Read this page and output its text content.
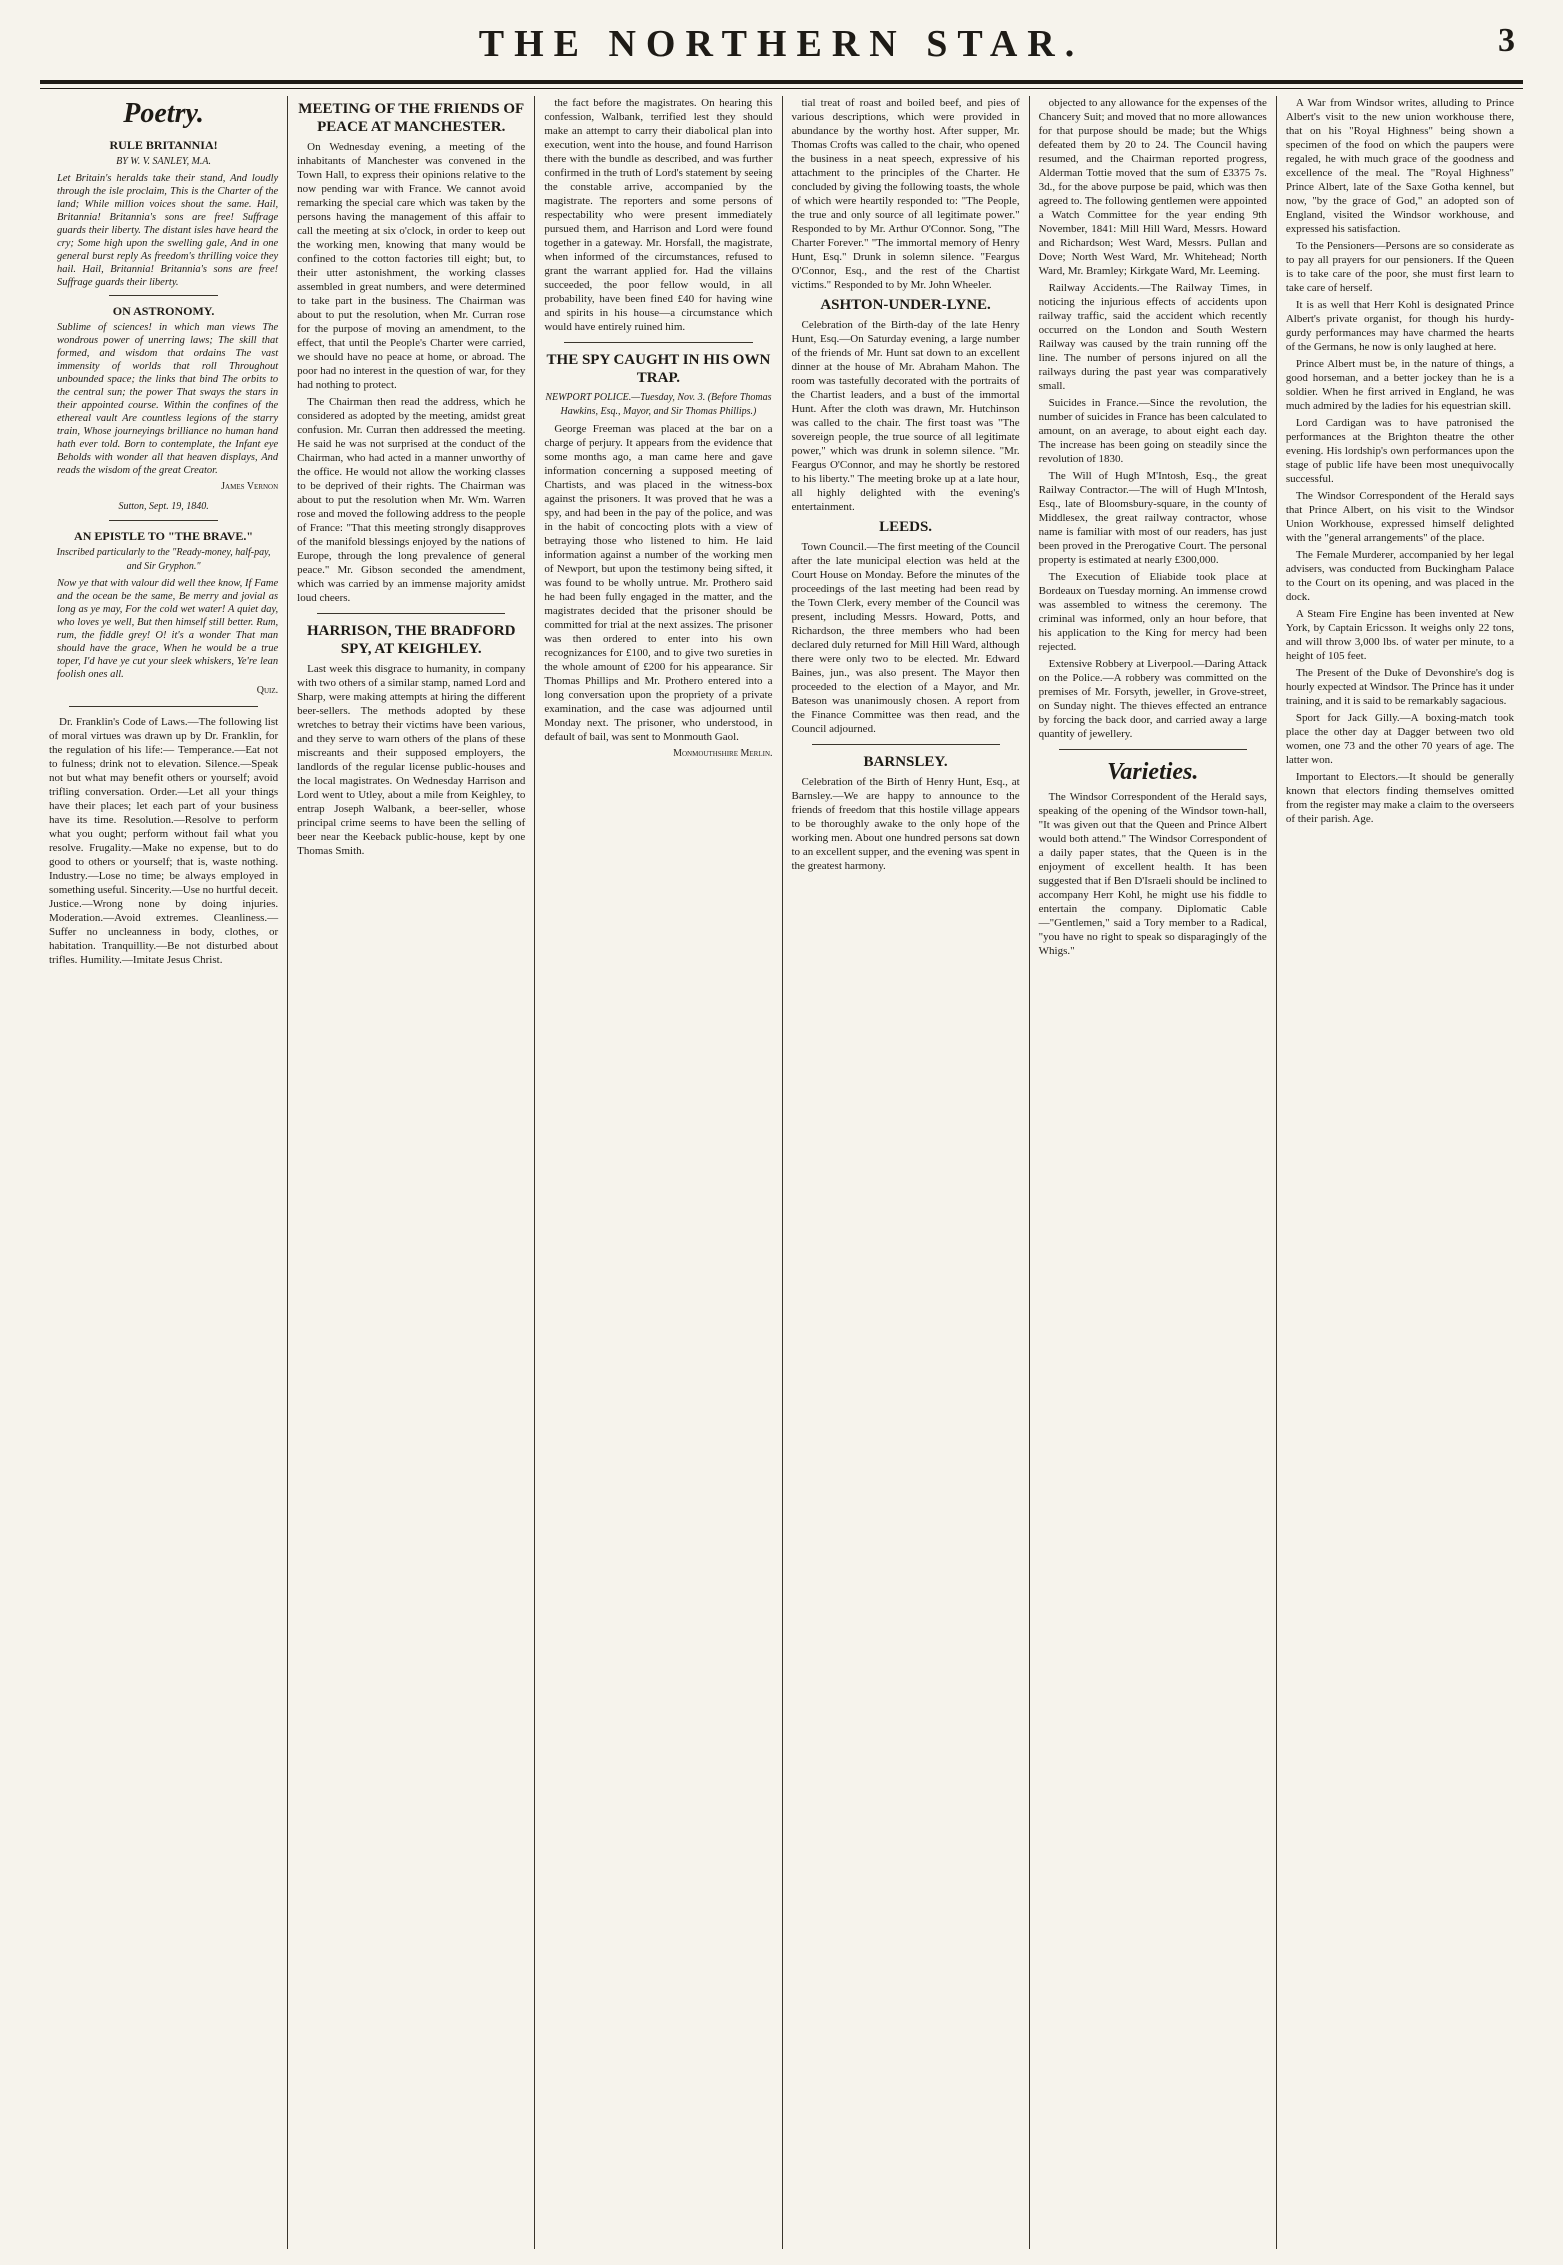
THE NORTHERN STAR.	3
Poetry.
RULE BRITANNIA!

BY W. V. SANLEY, M.A.

Let Britain's heralds take their stand, And loudly through the isle proclaim, This is the Charter of the land; While million voices shout the same. Hail, Britannia! Britannia's sons are free! Suffrage guards their liberty. The distant isles have heard the cry; Some high upon the swelling gale, And in one general burst reply As freedom's thrilling voice they hail. Hail, Britannia! Britannia's sons are free! Suffrage guards their liberty.

ON ASTRONOMY.

Sublime of sciences! in which man views The wondrous power of unerring laws; The skill that formed, and wisdom that ordains The vast immensity of worlds that roll Throughout unbounded space; the links that bind The orbits to the central sun; the power That sways the stars in their appointed course. Within the confines of the ethereal vault Are countless legions of the starry train, Whose journeyings brilliance no human hand hath ever told. Born to contemplate, the Infant eye Beholds with wonder all that heaven displays, And reads the wisdom of the great Creator.

James Vernon

Sutton, Sept. 19, 1840.

AN EPISTLE TO "THE BRAVE."

Inscribed particularly to the "Ready-money, half-pay, and Sir Gryphon."

Now ye that with valour did well thee know, If Fame and the ocean be the same, Be merry and jovial as long as ye may, For the cold wet water! A quiet day, who loves ye well, But then himself still better. Rum, rum, the fiddle grey! O! it's a wonder That man should have the grace, When he would be a true toper, I'd have ye cut your sleek whiskers, Ye're lean foolish ones all.

Quiz.

Dr. Franklin's Code of Laws.—The following list of moral virtues was drawn up by Dr. Franklin, for the regulation of his life:— Temperance.—Eat not to fulness; drink not to elevation. Silence.—Speak not but what may benefit others or yourself; avoid trifling conversation. Order.—Let all your things have their places; let each part of your business have its time. Resolution.—Resolve to perform what you ought; perform without fail what you resolve. Frugality.—Make no expense, but to do good to others or yourself; that is, waste nothing. Industry.—Lose no time; be always employed in something useful. Sincerity.—Use no hurtful deceit. Justice.—Wrong none by doing injuries. Moderation.—Avoid extremes. Cleanliness.—Suffer no uncleanness in body, clothes, or habitation. Tranquillity.—Be not disturbed about trifles. Humility.—Imitate Jesus Christ.

MEETING OF THE FRIENDS OF PEACE AT MANCHESTER.

On Wednesday evening, a meeting of the inhabitants of Manchester was convened in the Town Hall, to express their opinions relative to the now pending war with France. We cannot avoid remarking the special care which was taken by the persons having the management of this affair to call the meeting at six o'clock, in order to keep out the working men, knowing that many would be confined to the cotton factories till eight; but, to their utter astonishment, the working classes assembled in great numbers, and were determined to take part in the business. The Chairman was about to put the resolution, when Mr. Curran rose for the purpose of moving an amendment, to the effect, that until the People's Charter were carried, we should have no peace at home, or abroad. The poor had no interest in the question of war, for they had nothing to protect.

The Chairman then read the address, which he considered as adopted by the meeting, amidst great confusion. Mr. Curran then addressed the meeting. He said he was not surprised at the conduct of the Chairman, who had acted in a manner unworthy of the office. He would not allow the working classes to be deprived of their rights. The Chairman was about to put the resolution when Mr. Wm. Warren rose and moved the following address to the people of France: "That this meeting strongly disapproves of the manifold blessings enjoyed by the nations of Europe, through the long prevalence of general peace." Mr. Gibson seconded the amendment, which was carried by an immense majority amidst loud cheers.

HARRISON, THE BRADFORD SPY, AT KEIGHLEY.

Last week this disgrace to humanity, in company with two others of a similar stamp, named Lord and Sharp, were making attempts at hiring the different beer-sellers. The methods adopted by these wretches to betray their victims have been various, and they serve to warn others of the plans of these miscreants and their supposed employers, the landlords of the regular license public-houses and the local magistrates. On Wednesday Harrison and Lord went to Utley, about a mile from Keighley, to entrap Joseph Walbank, a beer-seller, whose principal crime seems to have been the selling of beer near the Keeback public-house, kept by one Thomas Smith.

the fact before the magistrates. On hearing this confession, Walbank, terrified lest they should make an attempt to carry their diabolical plan into execution, went into the house, and found Harrison there with the bundle as described, and was further confirmed in the truth of Lord's statement by seeing the constable arrive, accompanied by the magistrate. The reporters and some persons of respectability who were present immediately pursued them, and Harrison and Lord were found together in a gateway. Mr. Horsfall, the magistrate, when informed of the circumstances, refused to grant the warrant applied for. Had the villains succeeded, the poor fellow would, in all probability, have been fined £40 for having wine and spirits in his house—a circumstance which would have entirely ruined him.

THE SPY CAUGHT IN HIS OWN TRAP.

NEWPORT POLICE.—Tuesday, Nov. 3. (Before Thomas Hawkins, Esq., Mayor, and Sir Thomas Phillips.)

George Freeman was placed at the bar on a charge of perjury. It appears from the evidence that some months ago, a man came here and gave information concerning a supposed meeting of Chartists, and was placed in the witness-box against the prisoners. It was proved that he was a spy, and had been in the pay of the police, and was in the habit of concocting plots with a view of betraying those who listened to him. He laid information against a number of the working men of Newport, but upon the testimony being sifted, it was found to be wholly untrue. Mr. Prothero said he had been fully engaged in the matter, and the magistrates decided that the prisoner should be committed for trial at the next assizes. The prisoner was then ordered to enter into his own recognizances for £100, and to give two sureties in the whole amount of £200 for his appearance. Sir Thomas Phillips and Mr. Prothero entered into a long conversation upon the propriety of a private examination, and the case was adjourned until Monday next. The prisoner, who understood, in default of bail, was sent to Monmouth Gaol.

Monmouthshire Merlin.

tial treat of roast and boiled beef, and pies of various descriptions, which were provided in abundance by the worthy host. After supper, Mr. Thomas Crofts was called to the chair, who opened the business in a neat speech, expressive of his attachment to the principles of the Charter. He concluded by giving the following toasts, the whole of which were heartily responded to: "The People, the true and only source of all legitimate power." Responded to by Mr. Arthur O'Connor. Song, "The Charter Forever." "The immortal memory of Henry Hunt, Esq." Drunk in solemn silence. "Feargus O'Connor, Esq., and the rest of the Chartist victims." Responded to by Mr. John Wheeler.

ASHTON-UNDER-LYNE.

Celebration of the Birth-day of the late Henry Hunt, Esq.—On Saturday evening, a large number of the friends of Mr. Hunt sat down to an excellent dinner at the house of Mr. Abraham Mahon. The room was tastefully decorated with the portraits of the Chartist leaders, and a bust of the immortal Hunt. After the cloth was drawn, Mr. Hutchinson was called to the chair. The first toast was "The sovereign people, the true source of all legitimate power," which was drunk in solemn silence. "Mr. Feargus O'Connor, and may he shortly be restored to his liberty." The meeting broke up at a late hour, all highly delighted with the evening's entertainment.

LEEDS.

Town Council.—The first meeting of the Council after the late municipal election was held at the Court House on Monday. Before the minutes of the proceedings of the last meeting had been read by the Town Clerk, every member of the Council was present, including Messrs. Howard, Potts, and Richardson, the three members who had been declared duly returned for Mill Hill Ward, although there were only two to be elected. Mr. Edward Baines, jun., was also present. The Mayor then proceeded to the election of a Mayor, and Mr. Bateson was unanimously chosen. A report from the Finance Committee was then read, and the Council adjourned.

BARNSLEY.

Celebration of the Birth of Henry Hunt, Esq., at Barnsley.—We are happy to announce to the friends of freedom that this hostile village appears to be thoroughly awake to the only hope of the working men. About one hundred persons sat down to an excellent supper, and the evening was spent in the greatest harmony.

objected to any allowance for the expenses of the Chancery Suit; and moved that no more allowances for that purpose should be made; but the Whigs defeated them by 20 to 24. The Council having resumed, and the Chairman reported progress, Alderman Tottie moved that the sum of £3375 7s. 3d., for the above purpose be paid, which was then agreed to. The following gentlemen were appointed a Watch Committee for the year ending 9th November, 1841: Mill Hill Ward, Messrs. Howard and Richardson; West Ward, Messrs. Pullan and Dove; North West Ward, Mr. Whitehead; North Ward, Mr. Bramley; Kirkgate Ward, Mr. Leeming.

Railway Accidents.—The Railway Times, in noticing the injurious effects of accidents upon railway traffic, said the accident which recently occurred on the London and South Western Railway was caused by the train running off the line. The number of persons injured on all the railways during the past year was comparatively small.

Suicides in France.—Since the revolution, the number of suicides in France has been calculated to amount, on an average, to about eight each day. The increase has been going on steadily since the revolution of 1830.

The Will of Hugh M'Intosh, Esq., the great Railway Contractor.—The will of Hugh M'Intosh, Esq., late of Bloomsbury-square, in the county of Middlesex, the great railway contractor, whose name is familiar with most of our readers, has just been proved in the Prerogative Court. The personal property is estimated at nearly £300,000.

The Execution of Eliabide took place at Bordeaux on Tuesday morning. An immense crowd was assembled to witness the ceremony. The criminal was informed, only an hour before, that his application to the King for mercy had been rejected.

Extensive Robbery at Liverpool.—Daring Attack on the Police.—A robbery was committed on the premises of Mr. Forsyth, jeweller, in Grove-street, on Sunday night. The thieves effected an entrance by forcing the back door, and carried away a large quantity of jewellery.

Varieties.

The Windsor Correspondent of the Herald says, speaking of the opening of the Windsor town-hall, "It was given out that the Queen and Prince Albert would both attend." The Windsor Correspondent of a daily paper states, that the Queen is in the enjoyment of excellent health. It has been suggested that if Ben D'Israeli should be inclined to accompany Herr Kohl, he might use his fiddle to entertain the company. Diplomatic Cable—"Gentlemen," said a Tory member to a Radical, "you have no right to speak so disparagingly of the Whigs."

A War from Windsor writes, alluding to Prince Albert's visit to the new union workhouse there, that on his "Royal Highness" being shown a specimen of the food on which the paupers were regaled, he with much grace of the goodness and excellence of the meal. The "Royal Highness" Prince Albert, late of the Saxe Gotha kennel, but now, "by the grace of God," an adopted son of England, visited the Windsor workhouse, and expressed his satisfaction.

To the Pensioners—Persons are so considerate as to pay all prayers for our pensioners. If the Queen is to take care of the poor, she must first learn to take care of herself.

It is as well that Herr Kohl is designated Prince Albert's private organist, for though his hurdy-gurdy performances may have charmed the hearts of the Germans, he now is only laughed at here.

Prince Albert must be, in the nature of things, a good horseman, and a better jockey than he is a soldier. When he first arrived in England, he was much admired by the ladies for his equestrian skill.

Lord Cardigan was to have patronised the performances at the Brighton theatre the other evening. His lordship's own performances upon the stage of public life have been most unequivocally successful.

The Windsor Correspondent of the Herald says that Prince Albert, on his visit to the Windsor Union Workhouse, expressed himself delighted with the "general arrangements" of the place.

The Female Murderer, accompanied by her legal advisers, was conducted from Buckingham Palace to the Court on its opening, and was placed in the dock.

A Steam Fire Engine has been invented at New York, by Captain Ericsson. It weighs only 22 tons, and will throw 3,000 lbs. of water per minute, to a height of 105 feet.

The Present of the Duke of Devonshire's dog is hourly expected at Windsor. The Prince has it under training, and it is said to be remarkably sagacious.

Sport for Jack Gilly.—A boxing-match took place the other day at Dagger between two old women, one 73 and the other 70 years of age. The latter won.

Important to Electors.—It should be generally known that electors finding themselves omitted from the register may make a claim to the overseers of their parish. Age.
